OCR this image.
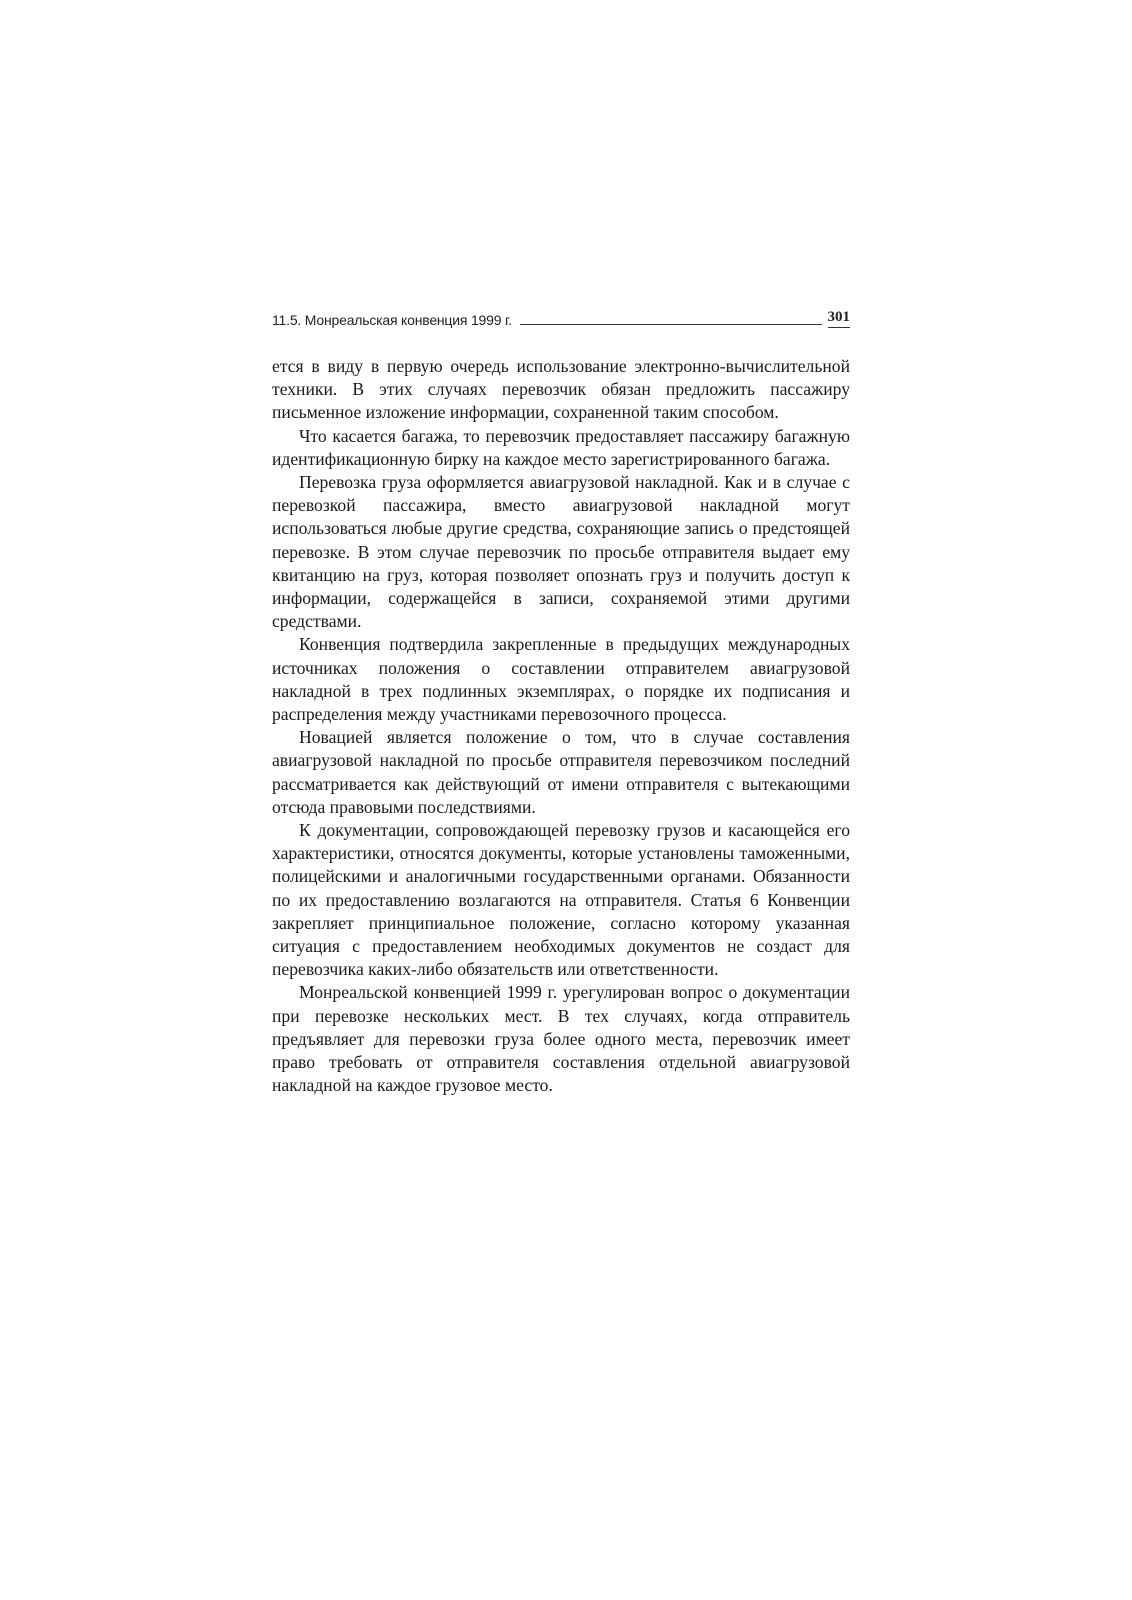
11.5. Монреальская конвенция 1999 г.	301

ется в виду в первую очередь использование электронно-вычислительной техники. В этих случаях перевозчик обязан предложить пассажиру письменное изложение информации, сохраненной таким способом.

Что касается багажа, то перевозчик предоставляет пассажиру багажную идентификационную бирку на каждое место зарегистрированного багажа.

Перевозка груза оформляется авиагрузовой накладной. Как и в случае с перевозкой пассажира, вместо авиагрузовой накладной могут использоваться любые другие средства, сохраняющие запись о предстоящей перевозке. В этом случае перевозчик по просьбе отправителя выдает ему квитанцию на груз, которая позволяет опознать груз и получить доступ к информации, содержащейся в записи, сохраняемой этими другими средствами.

Конвенция подтвердила закрепленные в предыдущих международных источниках положения о составлении отправителем авиагрузовой накладной в трех подлинных экземплярах, о порядке их подписания и распределения между участниками перевозочного процесса.

Новацией является положение о том, что в случае составления авиагрузовой накладной по просьбе отправителя перевозчиком последний рассматривается как действующий от имени отправителя с вытекающими отсюда правовыми последствиями.

К документации, сопровождающей перевозку грузов и касающейся его характеристики, относятся документы, которые установлены таможенными, полицейскими и аналогичными государственными органами. Обязанности по их предоставлению возлагаются на отправителя. Статья 6 Конвенции закрепляет принципиальное положение, согласно которому указанная ситуация с предоставлением необходимых документов не создаст для перевозчика каких-либо обязательств или ответственности.

Монреальской конвенцией 1999 г. урегулирован вопрос о документации при перевозке нескольких мест. В тех случаях, когда отправитель предъявляет для перевозки груза более одного места, перевозчик имеет право требовать от отправителя составления отдельной авиагрузовой накладной на каждое грузовое место.
